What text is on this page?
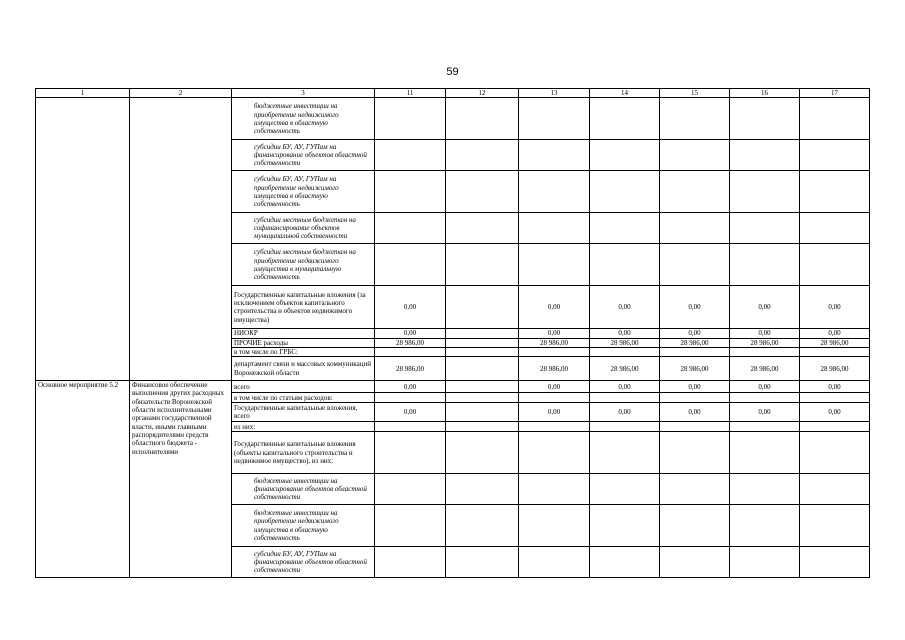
59
1	2	3	11	12	13	14	15	16	17
		бюджетные инвестиции на приобретение недвижимого имущества в областную собственность							
		субсидии БУ, АУ, ГУПам на финансирование объектов областной собственности							
		субсидии БУ, АУ, ГУПам на приобретение недвижимого имущества в областную собственность							
		субсидии местным бюджетам на софинансирование объектов муниципальной собственности							
		субсидии местным бюджетам на приобретение недвижимого имущества в муниципальную собственность							
		Государственные капитальные вложения (за исключением объектов капитального строительства и объектов недвижимого имущества)	0,00		0,00	0,00	0,00	0,00	0,00
		НИОКР	0,00		0,00	0,00	0,00	0,00	0,00
		ПРОЧИЕ расходы	28 986,00		28 986,00	28 986,00	28 986,00	28 986,00	28 986,00
		в том числе по ГРБС:							
		департамент связи и массовых коммуникаций Воронежской области	28 986,00		28 986,00	28 986,00	28 986,00	28 986,00	28 986,00
Основное мероприятие 5.2	Финансовое обеспечение выполнения других расходных обязательств Воронежской области исполнительными органами государственной власти, иными главными распорядителями средств областного бюджета - исполнителями	всего	0,00		0,00	0,00	0,00	0,00	0,00
		в том числе по статьям расходов:							
		Государственные капитальные вложения, всего	0,00		0,00	0,00	0,00	0,00	0,00
		из них:							
		Государственные капитальные вложения (объекты капитального строительства и недвижимое имущество), из них:							
		бюджетные инвестиции на финансирование объектов областной собственности							
		бюджетные инвестиции на приобретение недвижимого имущества в областную собственность							
		субсидии БУ, АУ, ГУПам на финансирование объектов областной собственности							
